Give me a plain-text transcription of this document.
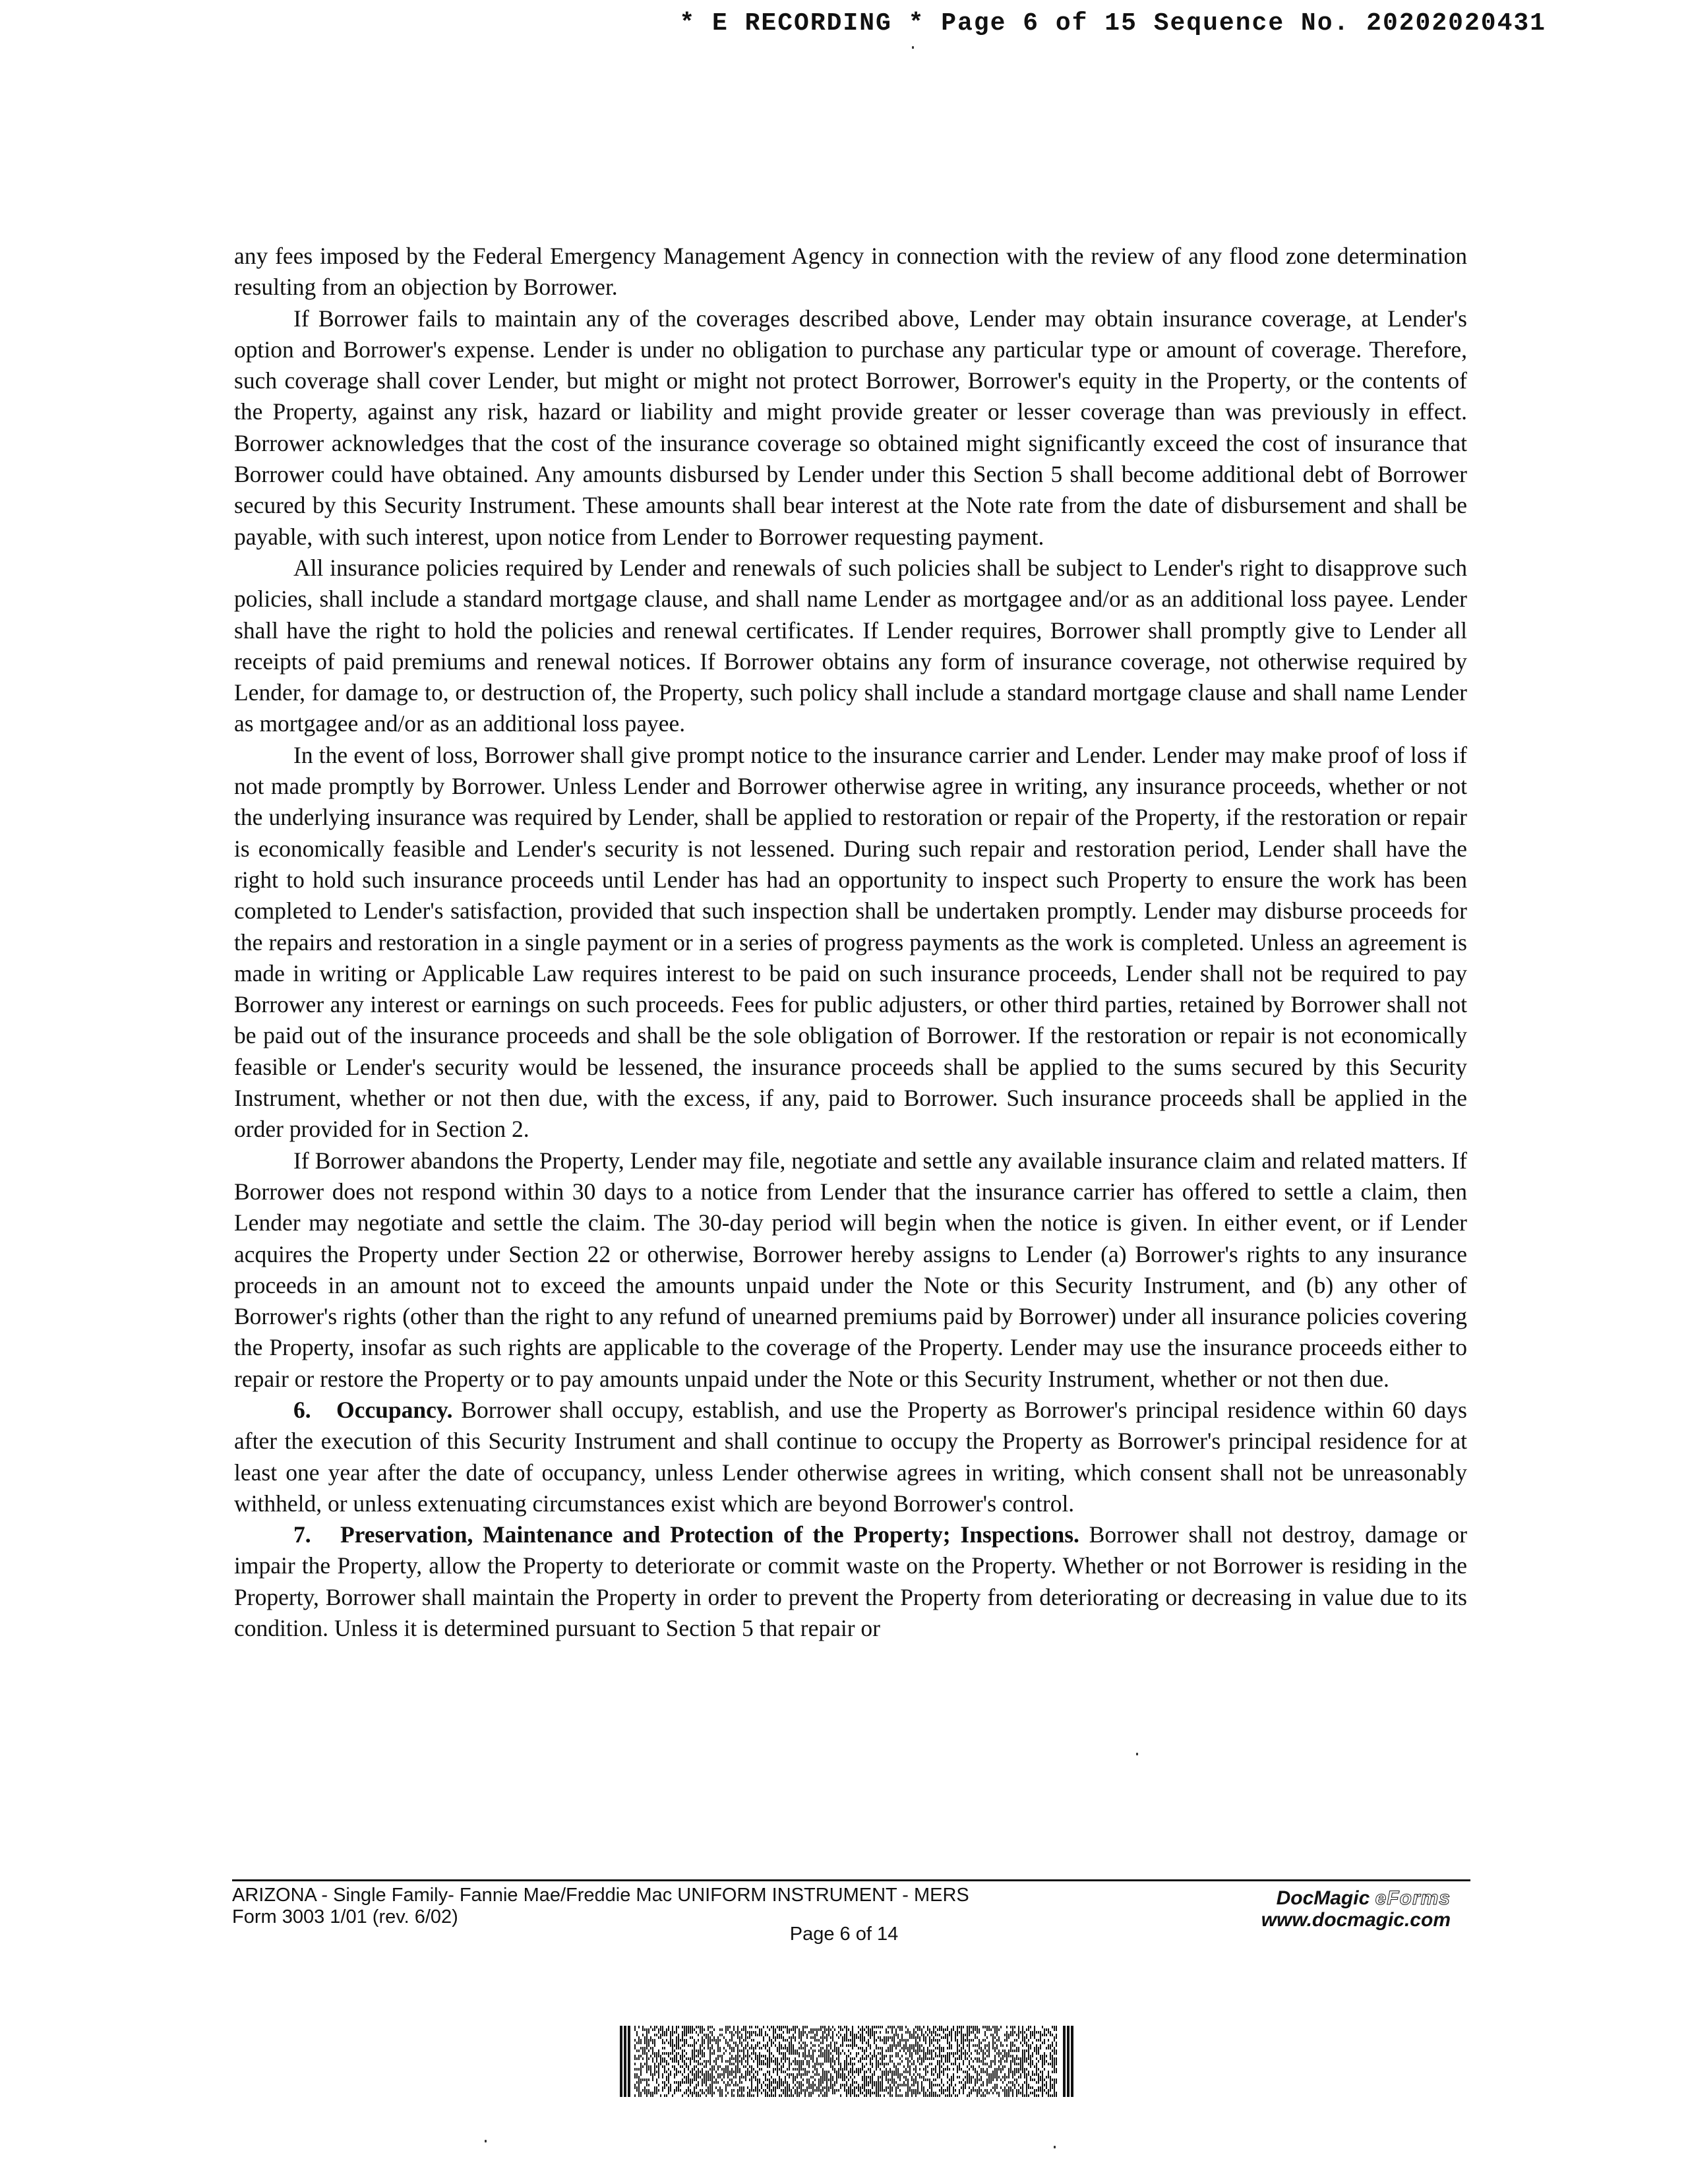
* E RECORDING * Page 6 of 15 Sequence No. 20202020431

any fees imposed by the Federal Emergency Management Agency in connection with the review of any flood zone determination resulting from an objection by Borrower.

If Borrower fails to maintain any of the coverages described above, Lender may obtain insurance coverage, at Lender's option and Borrower's expense. Lender is under no obligation to purchase any particular type or amount of coverage. Therefore, such coverage shall cover Lender, but might or might not protect Borrower, Borrower's equity in the Property, or the contents of the Property, against any risk, hazard or liability and might provide greater or lesser coverage than was previously in effect. Borrower acknowledges that the cost of the insurance coverage so obtained might significantly exceed the cost of insurance that Borrower could have obtained. Any amounts disbursed by Lender under this Section 5 shall become additional debt of Borrower secured by this Security Instrument. These amounts shall bear interest at the Note rate from the date of disbursement and shall be payable, with such interest, upon notice from Lender to Borrower requesting payment.

All insurance policies required by Lender and renewals of such policies shall be subject to Lender's right to disapprove such policies, shall include a standard mortgage clause, and shall name Lender as mortgagee and/or as an additional loss payee. Lender shall have the right to hold the policies and renewal certificates. If Lender requires, Borrower shall promptly give to Lender all receipts of paid premiums and renewal notices. If Borrower obtains any form of insurance coverage, not otherwise required by Lender, for damage to, or destruction of, the Property, such policy shall include a standard mortgage clause and shall name Lender as mortgagee and/or as an additional loss payee.

In the event of loss, Borrower shall give prompt notice to the insurance carrier and Lender. Lender may make proof of loss if not made promptly by Borrower. Unless Lender and Borrower otherwise agree in writing, any insurance proceeds, whether or not the underlying insurance was required by Lender, shall be applied to restoration or repair of the Property, if the restoration or repair is economically feasible and Lender's security is not lessened. During such repair and restoration period, Lender shall have the right to hold such insurance proceeds until Lender has had an opportunity to inspect such Property to ensure the work has been completed to Lender's satisfaction, provided that such inspection shall be undertaken promptly. Lender may disburse proceeds for the repairs and restoration in a single payment or in a series of progress payments as the work is completed. Unless an agreement is made in writing or Applicable Law requires interest to be paid on such insurance proceeds, Lender shall not be required to pay Borrower any interest or earnings on such proceeds. Fees for public adjusters, or other third parties, retained by Borrower shall not be paid out of the insurance proceeds and shall be the sole obligation of Borrower. If the restoration or repair is not economically feasible or Lender's security would be lessened, the insurance proceeds shall be applied to the sums secured by this Security Instrument, whether or not then due, with the excess, if any, paid to Borrower. Such insurance proceeds shall be applied in the order provided for in Section 2.

If Borrower abandons the Property, Lender may file, negotiate and settle any available insurance claim and related matters. If Borrower does not respond within 30 days to a notice from Lender that the insurance carrier has offered to settle a claim, then Lender may negotiate and settle the claim. The 30-day period will begin when the notice is given. In either event, or if Lender acquires the Property under Section 22 or otherwise, Borrower hereby assigns to Lender (a) Borrower's rights to any insurance proceeds in an amount not to exceed the amounts unpaid under the Note or this Security Instrument, and (b) any other of Borrower's rights (other than the right to any refund of unearned premiums paid by Borrower) under all insurance policies covering the Property, insofar as such rights are applicable to the coverage of the Property. Lender may use the insurance proceeds either to repair or restore the Property or to pay amounts unpaid under the Note or this Security Instrument, whether or not then due.

6. Occupancy. Borrower shall occupy, establish, and use the Property as Borrower's principal residence within 60 days after the execution of this Security Instrument and shall continue to occupy the Property as Borrower's principal residence for at least one year after the date of occupancy, unless Lender otherwise agrees in writing, which consent shall not be unreasonably withheld, or unless extenuating circumstances exist which are beyond Borrower's control.

7. Preservation, Maintenance and Protection of the Property; Inspections. Borrower shall not destroy, damage or impair the Property, allow the Property to deteriorate or commit waste on the Property. Whether or not Borrower is residing in the Property, Borrower shall maintain the Property in order to prevent the Property from deteriorating or decreasing in value due to its condition. Unless it is determined pursuant to Section 5 that repair or

ARIZONA - Single Family- Fannie Mae/Freddie Mac UNIFORM INSTRUMENT - MERS
Form 3003 1/01 (rev. 6/02)
DocMagic eForms
www.docmagic.com
Page 6 of 14
